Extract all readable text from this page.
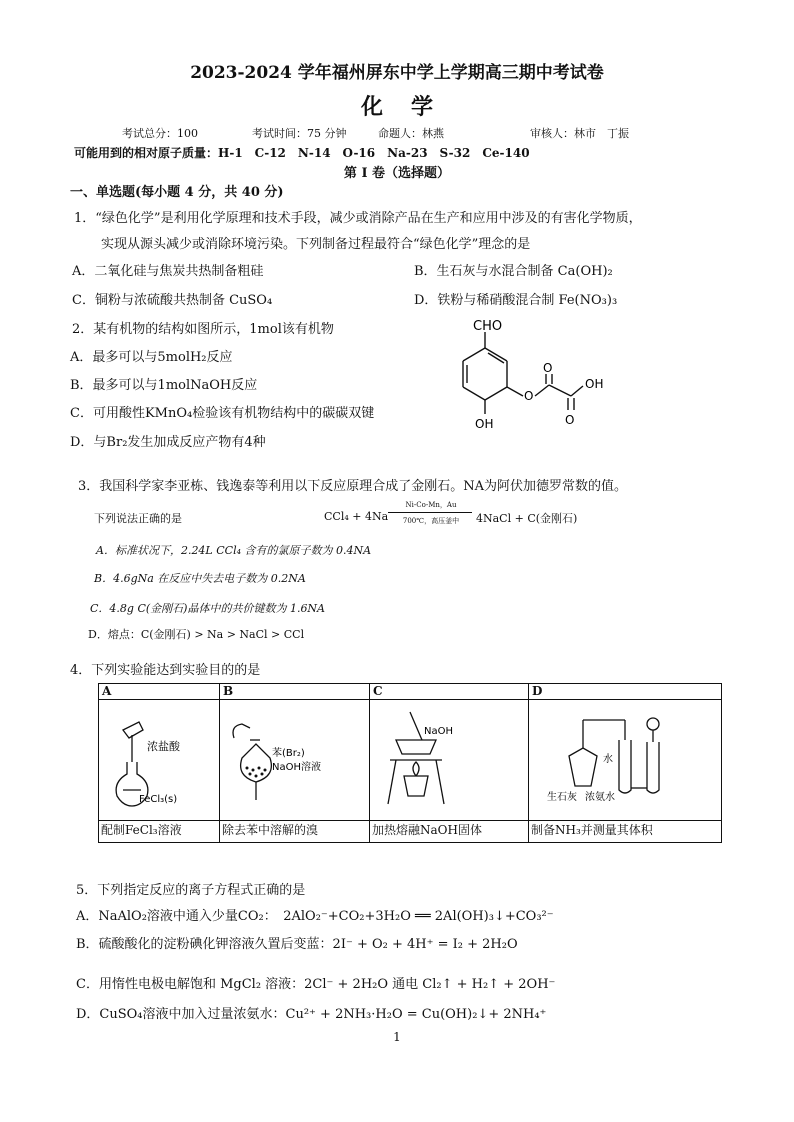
2023-2024 学年福州屏东中学上学期高三期中考试卷
化学
考试总分：100	考试时间：75 分钟	命题人：林燕	审核人：林市　丁振
可能用到的相对原子质量：H-1　C-12　N-14　O-16　Na-23　S-32　Ce-140
第 I 卷（选择题）
一、单选题(每小题 4 分，共 40 分)
1．“绿色化学”是利用化学原理和技术手段，减少或消除产品在生产和应用中涉及的有害化学物质，
实现从源头减少或消除环境污染。下列制备过程最符合“绿色化学”理念的是
A．二氧化硅与焦炭共热制备粗硅	B．生石灰与水混合制备 Ca(OH)₂
C．铜粉与浓硫酸共热制备 CuSO₄	D．铁粉与稀硝酸混合制 Fe(NO₃)₃
2．某有机物的结构如图所示，1mol该有机物
A．最多可以与5molH₂反应
B．最多可以与1molNaOH反应
C．可用酸性KMnO₄检验该有机物结构中的碳碳双键
D．与Br₂发生加成反应产物有4种
CHO
OH
O
O
O
OH
3．我国科学家李亚栋、钱逸泰等利用以下反应原理合成了金刚石。NA为阿伏加德罗常数的值。
下列说法正确的是	CCl₄ + 4Na
Ni-Co-Mn，Au
700℃，高压釜中	4NaCl + C(金刚石)
A．标准状况下，2.24L CCl₄ 含有的氯原子数为 0.4NA
B．4.6gNa 在反应中失去电子数为 0.2NA
C．4.8g C(金刚石)晶体中的共价键数为 1.6NA
D．熔点：C(金刚石) > Na > NaCl > CCl
4．下列实验能达到实验目的的是
A	B	C	D

浓盐酸
FeCl₃(s)	苯(Br₂)
NaOH溶液	NaOH	水
生石灰 浓氨水

配制FeCl₃溶液	除去苯中溶解的溴	加热熔融NaOH固体	制备NH₃并测量其体积
5．下列指定反应的离子方程式正确的是
A．NaAlO₂溶液中通入少量CO₂：　2AlO₂⁻+CO₂+3H₂O ══ 2Al(OH)₃↓+CO₃²⁻
B．硫酸酸化的淀粉碘化钾溶液久置后变蓝：2I⁻ + O₂ + 4H⁺ = I₂ + 2H₂O
C．用惰性电极电解饱和 MgCl₂ 溶液：2Cl⁻ + 2H₂O 通电 Cl₂↑ + H₂↑ + 2OH⁻
D．CuSO₄溶液中加入过量浓氨水：Cu²⁺ + 2NH₃·H₂O = Cu(OH)₂↓+ 2NH₄⁺
1
